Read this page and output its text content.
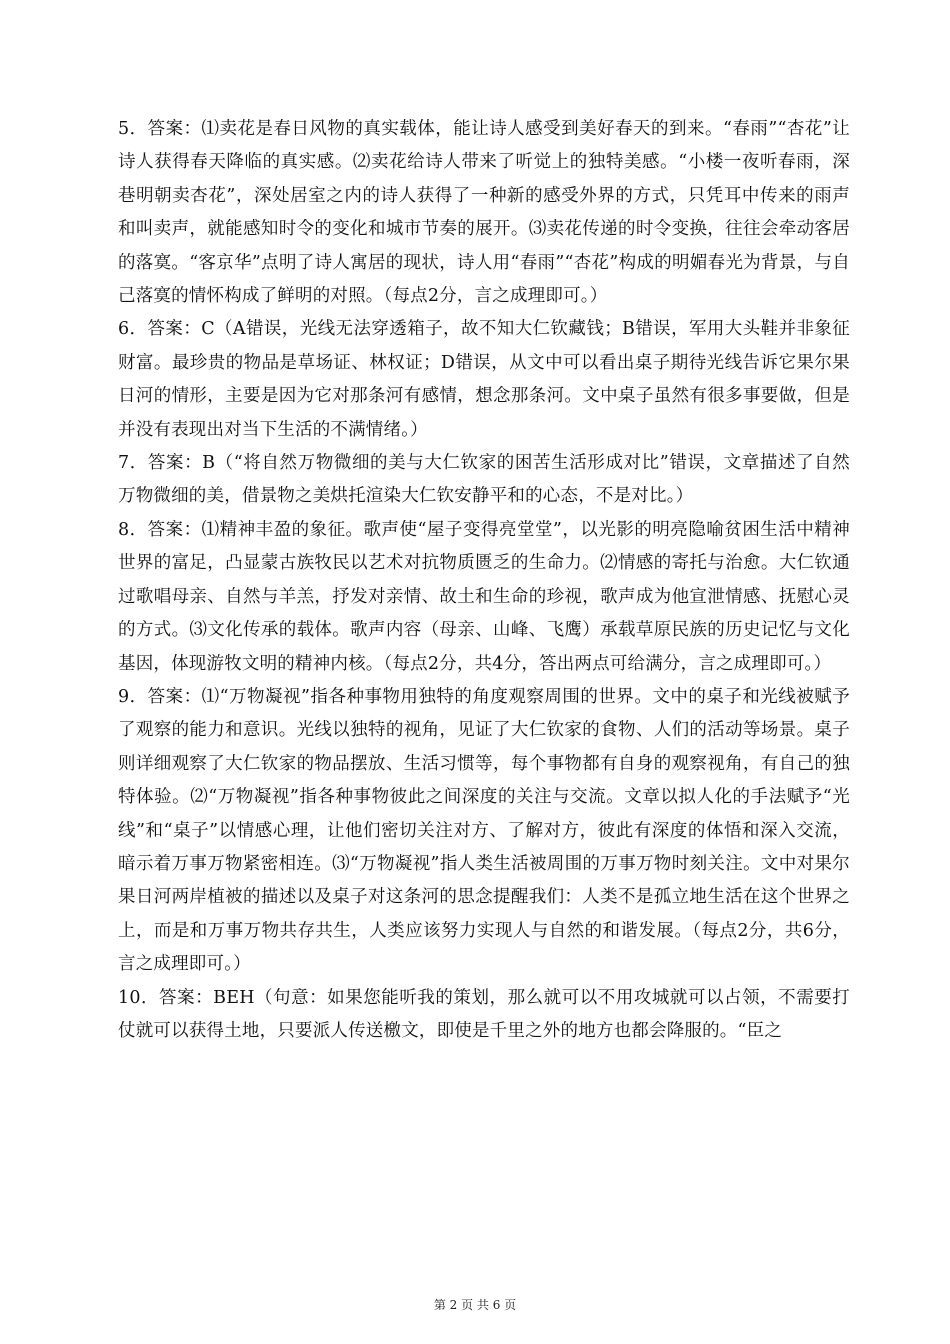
5．答案：⑴卖花是春日风物的真实载体，能让诗人感受到美好春天的到来。“春雨”“杏花”让诗人获得春天降临的真实感。⑵卖花给诗人带来了听觉上的独特美感。“小楼一夜听春雨，深巷明朝卖杏花”，深处居室之内的诗人获得了一种新的感受外界的方式，只凭耳中传来的雨声和叫卖声，就能感知时令的变化和城市节奏的展开。⑶卖花传递的时令变换，往往会牵动客居的落寞。“客京华”点明了诗人寓居的现状，诗人用“春雨”“杏花”构成的明媚春光为背景，与自己落寞的情怀构成了鲜明的对照。（每点2分，言之成理即可。）

6．答案：C（A错误，光线无法穿透箱子，故不知大仁钦藏钱；B错误，军用大头鞋并非象征财富。最珍贵的物品是草场证、林权证；D错误，从文中可以看出桌子期待光线告诉它果尔果日河的情形，主要是因为它对那条河有感情，想念那条河。文中桌子虽然有很多事要做，但是并没有表现出对当下生活的不满情绪。）

7．答案：B（“将自然万物微细的美与大仁钦家的困苦生活形成对比”错误，文章描述了自然万物微细的美，借景物之美烘托渲染大仁钦安静平和的心态，不是对比。）

8．答案：⑴精神丰盈的象征。歌声使“屋子变得亮堂堂”，以光影的明亮隐喻贫困生活中精神世界的富足，凸显蒙古族牧民以艺术对抗物质匮乏的生命力。⑵情感的寄托与治愈。大仁钦通过歌唱母亲、自然与羊羔，抒发对亲情、故土和生命的珍视，歌声成为他宣泄情感、抚慰心灵的方式。⑶文化传承的载体。歌声内容（母亲、山峰、飞鹰）承载草原民族的历史记忆与文化基因，体现游牧文明的精神内核。（每点2分，共4分，答出两点可给满分，言之成理即可。）

9．答案：⑴“万物凝视”指各种事物用独特的角度观察周围的世界。文中的桌子和光线被赋予了观察的能力和意识。光线以独特的视角，见证了大仁钦家的食物、人们的活动等场景。桌子则详细观察了大仁钦家的物品摆放、生活习惯等，每个事物都有自身的观察视角，有自己的独特体验。⑵“万物凝视”指各种事物彼此之间深度的关注与交流。文章以拟人化的手法赋予“光线”和“桌子”以情感心理，让他们密切关注对方、了解对方，彼此有深度的体悟和深入交流，暗示着万事万物紧密相连。⑶“万物凝视”指人类生活被周围的万事万物时刻关注。文中对果尔果日河两岸植被的描述以及桌子对这条河的思念提醒我们：人类不是孤立地生活在这个世界之上，而是和万事万物共存共生，人类应该努力实现人与自然的和谐发展。（每点2分，共6分，言之成理即可。）

10．答案：BEH（句意：如果您能听我的策划，那么就可以不用攻城就可以占领，不需要打仗就可以获得土地，只要派人传送檄文，即使是千里之外的地方也都会降服的。“臣之

第 2 页 共 6 页
